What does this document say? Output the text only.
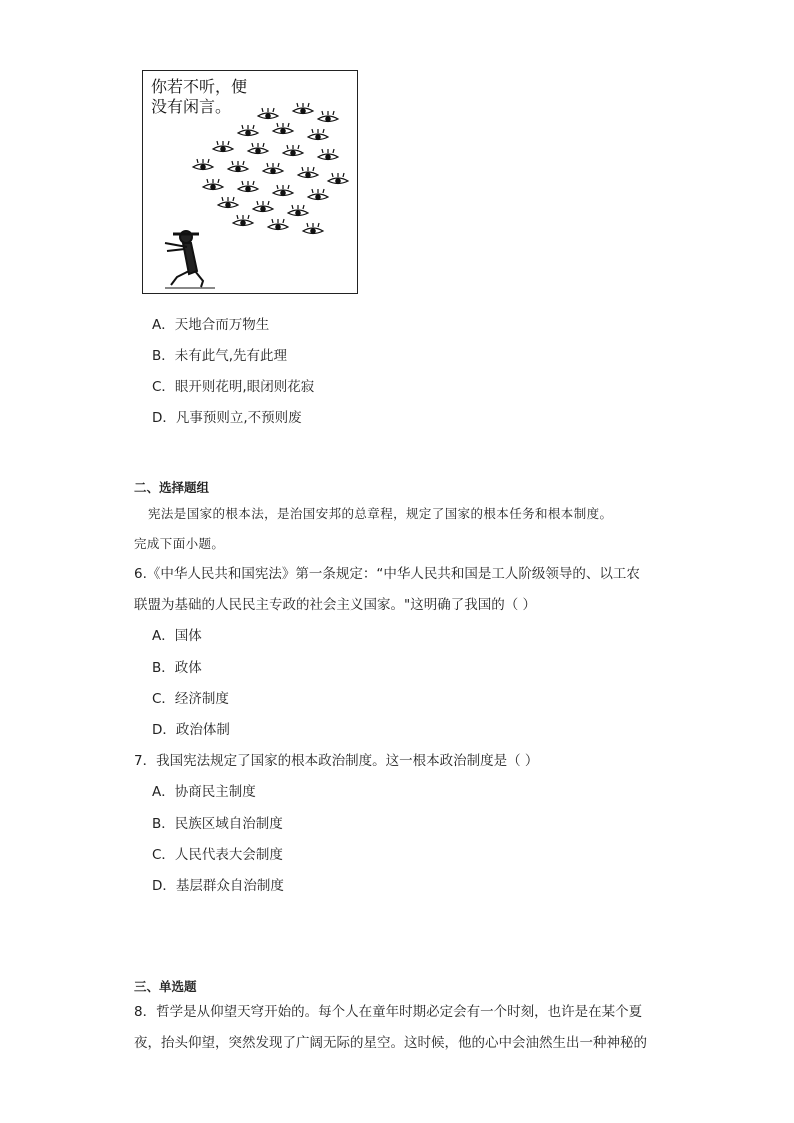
你若不听，便
没有闲言。
A．天地合而万物生
B．未有此气,先有此理
C．眼开则花明,眼闭则花寂
D．凡事预则立,不预则废
二、选择题组
宪法是国家的根本法，是治国安邦的总章程，规定了国家的根本任务和根本制度。
完成下面小题。
6.《中华人民共和国宪法》第一条规定：“中华人民共和国是工人阶级领导的、以工农
联盟为基础的人民民主专政的社会主义国家。"这明确了我国的（ ）
A．国体
B．政体
C．经济制度
D．政治体制
7．我国宪法规定了国家的根本政治制度。这一根本政治制度是（ ）
A．协商民主制度
B．民族区域自治制度
C．人民代表大会制度
D．基层群众自治制度
三、单选题
8．哲学是从仰望天穹开始的。每个人在童年时期必定会有一个时刻，也许是在某个夏
夜，抬头仰望，突然发现了广阔无际的星空。这时候，他的心中会油然生出一种神秘的
